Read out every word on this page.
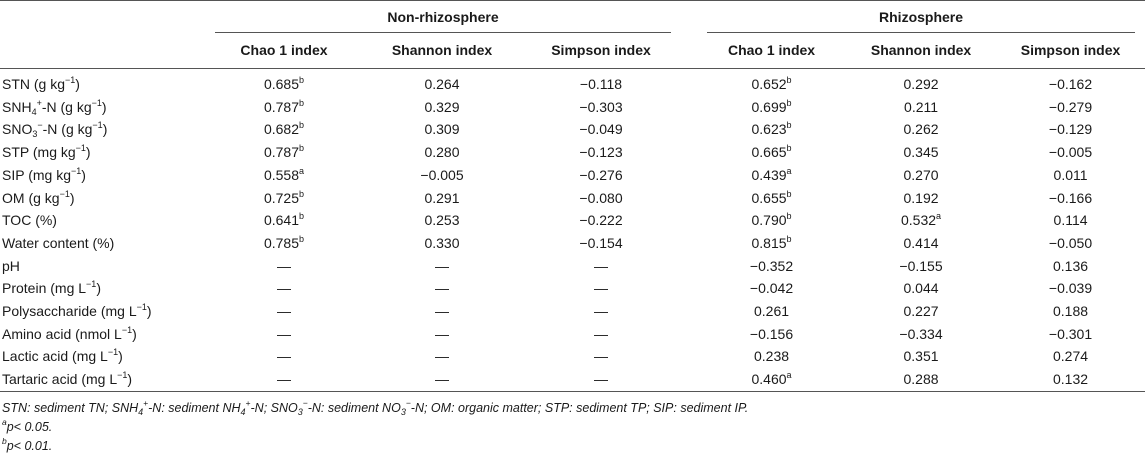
	Non-rhizosphere				Rhizosphere		

	Chao 1 index	Shannon index	Simpson index		Chao 1 index	Shannon index	Simpson index
STN (g $kg^{-1}$)	0.685$^b$	0.264	−0.118		0.652$^b$	0.292	−0.162
$SNH_4^+-N$ (g $kg^{-1}$)	0.787$^b$	0.329	−0.303		0.699$^b$	0.211	−0.279
$SNO_3^--N$ (g $kg^{-1}$)	0.682$^b$	0.309	−0.049		0.623$^b$	0.262	−0.129
STP (mg $kg^{-1}$)	0.787$^b$	0.280	−0.123		0.665$^b$	0.345	−0.005
SIP (mg $kg^{-1}$)	0.558$^a$	−0.005	−0.276		0.439$^a$	0.270	0.011
OM (g $kg^{-1}$)	0.725$^b$	0.291	−0.080		0.655$^b$	0.192	−0.166
TOC (%)	0.641$^b$	0.253	−0.222		0.790$^b$	0.532$^a$	0.114
Water content (%)	0.785$^b$	0.330	−0.154		0.815$^b$	0.414	−0.050
pH	—	—	—		−0.352	−0.155	0.136
Protein (mg $L^{-1}$)	—	—	—		−0.042	0.044	−0.039
Polysaccharide (mg $L^{-1}$)	—	—	—		0.261	0.227	0.188
Amino acid (nmol $L^{-1}$)	—	—	—		−0.156	−0.334	−0.301
Lactic acid (mg $L^{-1}$)	—	—	—		0.238	0.351	0.274
Tartaric acid (mg $L^{-1}$)	—	—	—		0.460$^a$	0.288	0.132
STN: sediment TN; $SNH_4^+-N$: sediment $NH_4^+-N$; $SNO_3^--N$: sediment $NO_3^--N$; OM: organic matter; STP: sediment TP; SIP: sediment IP.
$^a$p< 0.05.
$^b$p< 0.01.
